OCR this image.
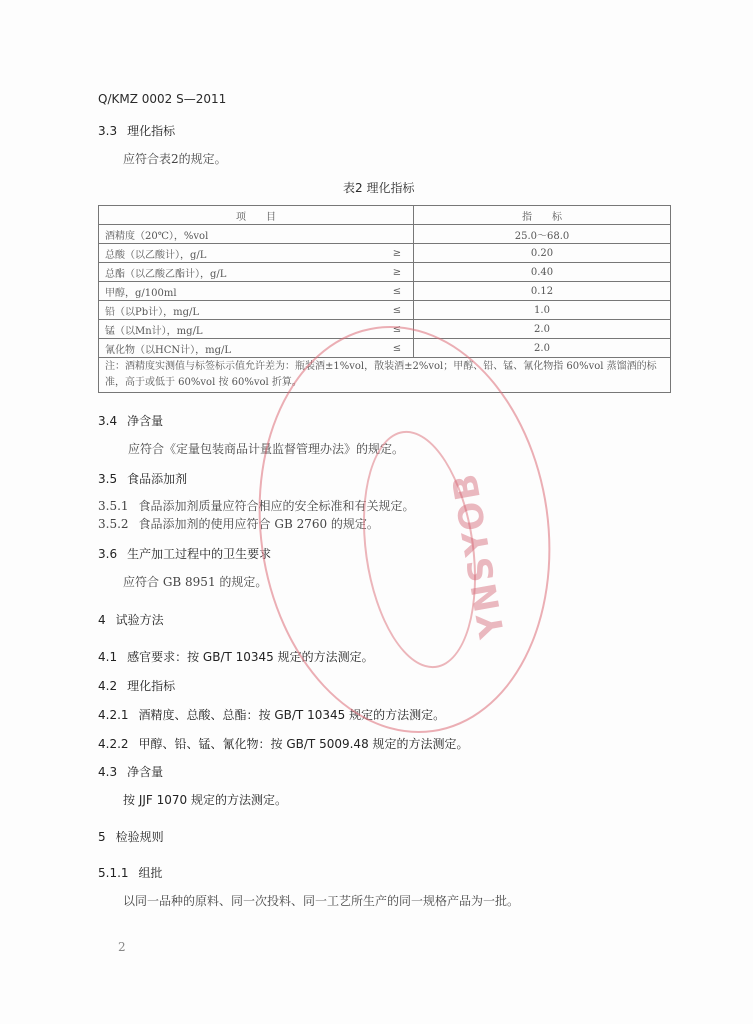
Q/KMZ 0002 S—2011
3.3 理化指标
应符合表2的规定。
表2 理化指标
项　　目		指　　标
酒精度（20℃），%vol		25.0～68.0
总酸（以乙酸计），g/L	≥	0.20
总酯（以乙酸乙酯计），g/L	≥	0.40
甲醇，g/100ml	≤	0.12
铅（以Pb计），mg/L	≤	1.0
锰（以Mn计），mg/L	≤	2.0
氰化物（以HCN计），mg/L	≤	2.0
注：酒精度实测值与标签标示值允许差为：瓶装酒±1%vol，散装酒±2%vol；甲醇、铅、锰、氰化物指 60%vol 蒸馏酒的标准，高于或低于 60%vol 按 60%vol 折算。		
3.4 净含量
应符合《定量包装商品计量监督管理办法》的规定。
3.5 食品添加剂
3.5.1 食品添加剂质量应符合相应的安全标准和有关规定。
3.5.2 食品添加剂的使用应符合 GB 2760 的规定。
3.6 生产加工过程中的卫生要求
应符合 GB 8951 的规定。
4 试验方法
4.1 感官要求：按 GB/T 10345 规定的方法测定。
4.2 理化指标
4.2.1 酒精度、总酸、总酯：按 GB/T 10345 规定的方法测定。
4.2.2 甲醇、铅、锰、氰化物：按 GB/T 5009.48 规定的方法测定。
4.3 净含量
按 JJF 1070 规定的方法测定。
5 检验规则
5.1.1 组批
以同一品种的原料、同一次投料、同一工艺所生产的同一规格产品为一批。
YNSYOB
2
